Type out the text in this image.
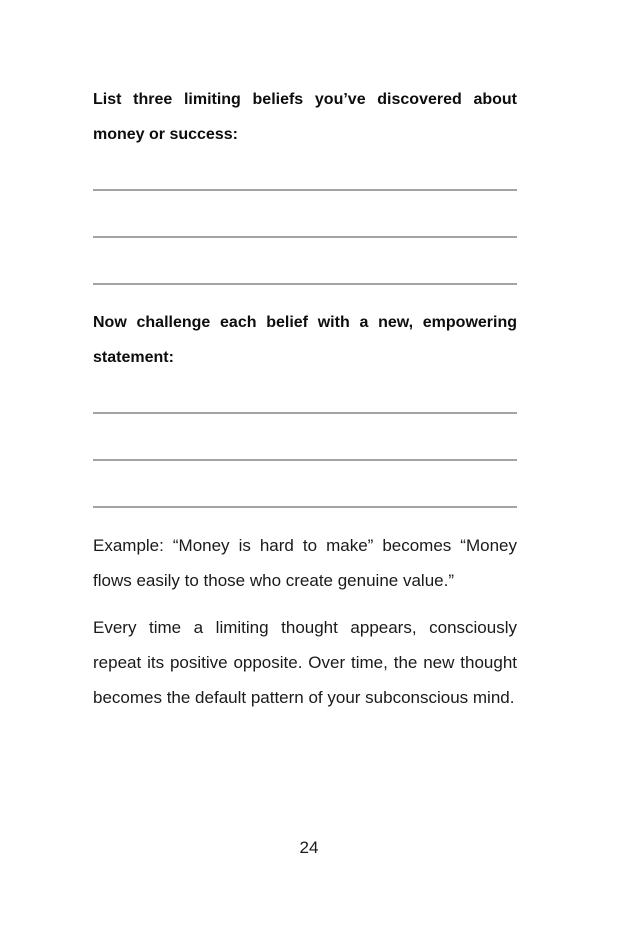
List three limiting beliefs you’ve discovered about money or success:

Now challenge each belief with a new, empowering statement:

Example: “Money is hard to make” becomes “Money flows easily to those who create genuine value.”

Every time a limiting thought appears, consciously repeat its positive opposite. Over time, the new thought becomes the default pattern of your subconscious mind.

24
